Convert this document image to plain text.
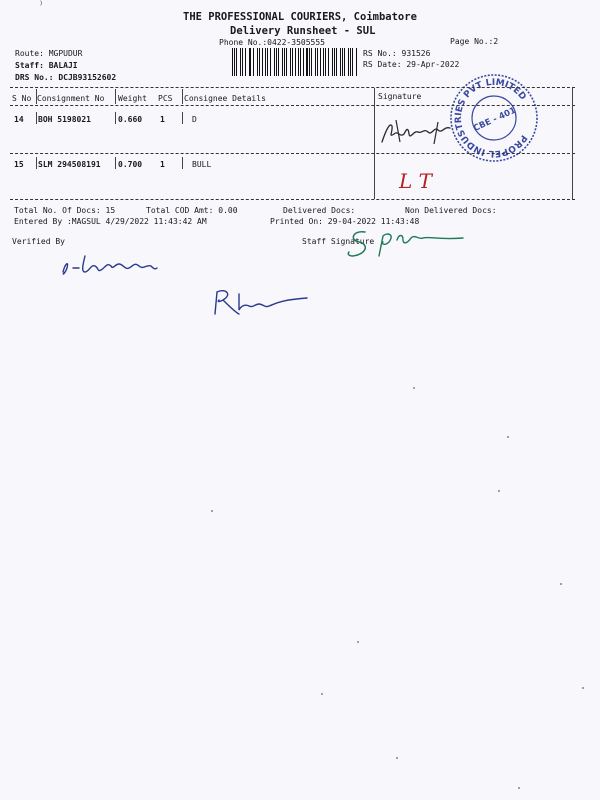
THE PROFESSIONAL COURIERS, Coimbatore
Delivery Runsheet - SUL
Phone No.:0422-3505555	Page No.:2
Route: MGPUDUR
Staff: BALAJI
DRS No.: DCJB93152602
RS No.: 931526
RS Date: 29-Apr-2022
PROPEL INDUSTRIES PVT LIMITED
CBE - 401
S No Consignment No Weight PCS Consignee Details	Signature
14 BOH 5198021	0.660 1	D
15 SLM 294508191 0.700 1	BULL
L T
Total No. Of Docs: 15	Total COD Amt: 0.00	Delivered Docs:	Non Delivered Docs:
Entered By :MAGSUL 4/29/2022 11:43:42 AM	Printed On: 29-04-2022 11:43:48
Verified By	Staff Signature
⁾
